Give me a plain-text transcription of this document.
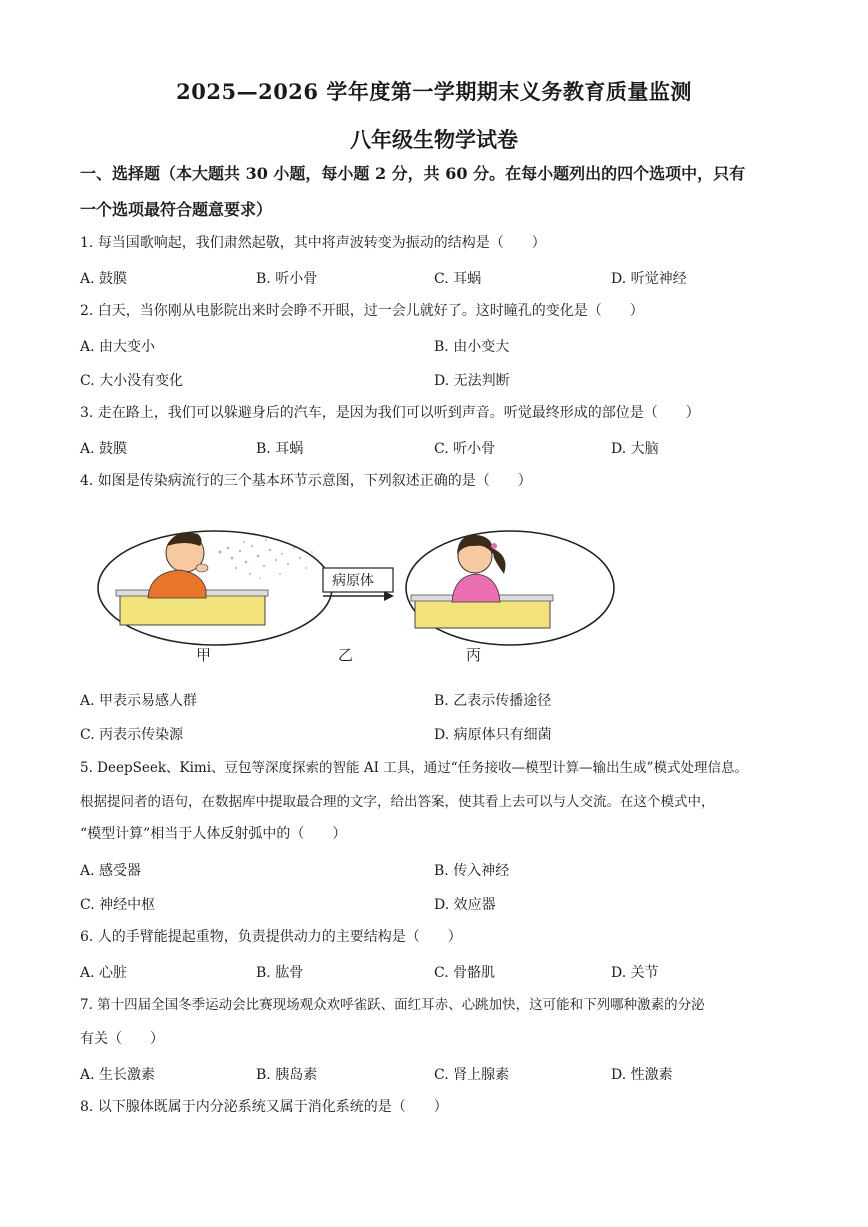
2025—2026 学年度第一学期期末义务教育质量监测
八年级生物学试卷
一、选择题（本大题共 30 小题，每小题 2 分，共 60 分。在每小题列出的四个选项中，只有
一个选项最符合题意要求）
1. 每当国歌响起，我们肃然起敬，其中将声波转变为振动的结构是（　　）
A. 鼓膜	B. 听小骨	C. 耳蜗	D. 听觉神经
2. 白天，当你刚从电影院出来时会睁不开眼，过一会儿就好了。这时瞳孔的变化是（　　）
A. 由大变小	B. 由小变大
C. 大小没有变化	D. 无法判断
3. 走在路上，我们可以躲避身后的汽车，是因为我们可以听到声音。听觉最终形成的部位是（　　）
A. 鼓膜	B. 耳蜗	C. 听小骨	D. 大脑
4. 如图是传染病流行的三个基本环节示意图，下列叙述正确的是（　　）
病原体
甲	乙	丙
A. 甲表示易感人群	B. 乙表示传播途径
C. 丙表示传染源	D. 病原体只有细菌
5. DeepSeek、Kimi、豆包等深度探索的智能 AI 工具，通过“任务接收—模型计算—输出生成”模式处理信息。
根据提问者的语句，在数据库中提取最合理的文字，给出答案，使其看上去可以与人交流。在这个模式中，
“模型计算”相当于人体反射弧中的（　　）
A. 感受器	B. 传入神经
C. 神经中枢	D. 效应器
6. 人的手臂能提起重物，负责提供动力的主要结构是（　　）
A. 心脏	B. 肱骨	C. 骨骼肌	D. 关节
7. 第十四届全国冬季运动会比赛现场观众欢呼雀跃、面红耳赤、心跳加快，这可能和下列哪种激素的分泌
有关（　　）
A. 生长激素	B. 胰岛素	C. 肾上腺素	D. 性激素
8. 以下腺体既属于内分泌系统又属于消化系统的是（　　）
